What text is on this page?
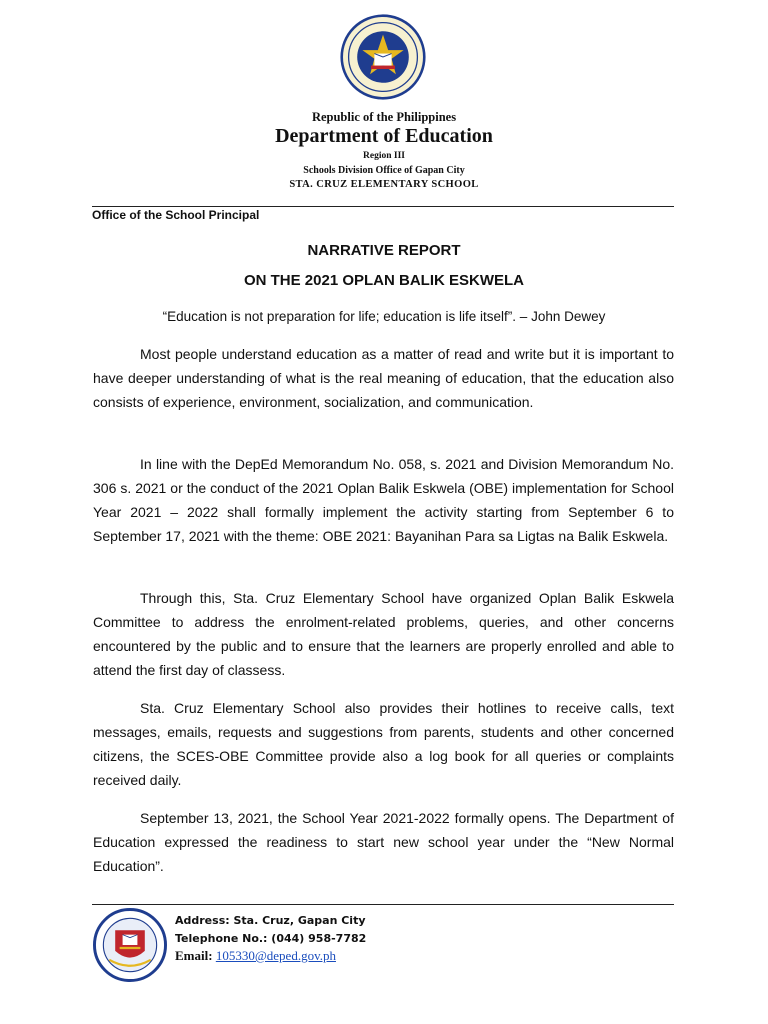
Republic of the Philippines
Department of Education
Region III
Schools Division Office of Gapan City
STA. CRUZ ELEMENTARY SCHOOL
Office of the School Principal
NARRATIVE REPORT
ON THE 2021 OPLAN BALIK ESKWELA
“Education is not preparation for life; education is life itself”. – John Dewey

Most people understand education as a matter of read and write but it is important to have deeper understanding of what is the real meaning of education, that the education also consists of experience, environment, socialization, and communication.

In line with the DepEd Memorandum No. 058, s. 2021 and Division Memorandum No. 306 s. 2021 or the conduct of the 2021 Oplan Balik Eskwela (OBE) implementation for School Year 2021 – 2022 shall formally implement the activity starting from September 6 to September 17, 2021 with the theme: OBE 2021: Bayanihan Para sa Ligtas na Balik Eskwela.

Through this, Sta. Cruz Elementary School have organized Oplan Balik Eskwela Committee to address the enrolment-related problems, queries, and other concerns encountered by the public and to ensure that the learners are properly enrolled and able to attend the first day of classess.

Sta. Cruz Elementary School also provides their hotlines to receive calls, text messages, emails, requests and suggestions from parents, students and other concerned citizens, the SCES-OBE Committee provide also a log book for all queries or complaints received daily.

September 13, 2021, the School Year 2021-2022 formally opens. The Department of Education expressed the readiness to start new school year under the “New Normal Education”.

Address: Sta. Cruz, Gapan City
Telephone No.: (044) 958-7782
Email: 105330@deped.gov.ph
